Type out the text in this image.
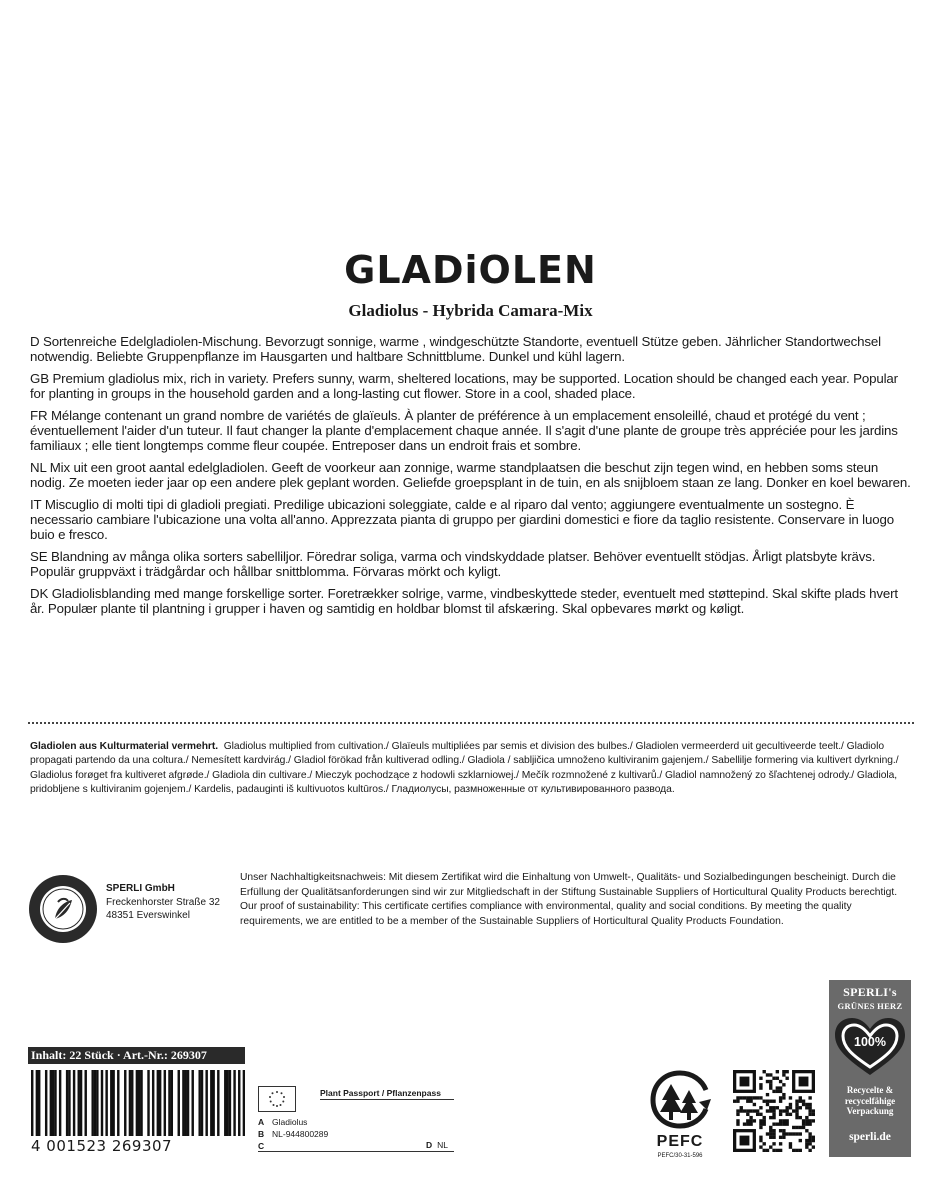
GLADiOLEN
Gladiolus - Hybrida Camara-Mix

D Sortenreiche Edelgladiolen-Mischung. Bevorzugt sonnige, warme , windgeschützte Standorte, eventuell Stütze geben. Jährlicher Standortwechsel notwendig. Beliebte Gruppenpflanze im Hausgarten und haltbare Schnittblume. Dunkel und kühl lagern.

GB Premium gladiolus mix, rich in variety. Prefers sunny, warm, sheltered locations, may be supported. Location should be changed each year. Popular for planting in groups in the household garden and a long-lasting cut flower. Store in a cool, shaded place.

FR Mélange contenant un grand nombre de variétés de glaïeuls. À planter de préférence à un emplacement ensoleillé, chaud et protégé du vent ; éventuellement l'aider d'un tuteur. Il faut changer la plante d'emplacement chaque année. Il s'agit d'une plante de groupe très appréciée pour les jardins familiaux ; elle tient longtemps comme fleur coupée. Entreposer dans un endroit frais et sombre.

NL Mix uit een groot aantal edelgladiolen. Geeft de voorkeur aan zonnige, warme standplaatsen die beschut zijn tegen wind, en hebben soms steun nodig. Ze moeten ieder jaar op een andere plek geplant worden. Geliefde groepsplant in de tuin, en als snijbloem staan ze lang. Donker en koel bewaren.

IT Miscuglio di molti tipi di gladioli pregiati. Predilige ubicazioni soleggiate, calde e al riparo dal vento; aggiungere eventualmente un sostegno. È necessario cambiare l'ubicazione una volta all'anno. Apprezzata pianta di gruppo per giardini domestici e fiore da taglio resistente. Conservare in luogo buio e fresco.

SE Blandning av många olika sorters sabelliljor. Föredrar soliga, varma och vindskyddade platser. Behöver eventuellt stödjas. Årligt platsbyte krävs. Populär gruppväxt i trädgårdar och hållbar snittblomma. Förvaras mörkt och kyligt.

DK Gladiolisblanding med mange forskellige sorter. Foretrækker solrige, varme, vindbeskyttede steder, eventuelt med støttepind. Skal skifte plads hvert år. Populær plante til plantning i grupper i haven og samtidig en holdbar blomst til afskæring. Skal opbevares mørkt og køligt.

Gladiolen aus Kulturmaterial vermehrt. Gladiolus multiplied from cultivation./ Glaïeuls multipliées par semis et division des bulbes./ Gladiolen vermeerderd uit gecultiveerde teelt./ Gladiolo propagati partendo da una coltura./ Nemesített kardvirág./ Gladiol förökad från kultiverad odling./ Gladiola / sabljičica umnoženo kultiviranim gajenjem./ Sabellilje formering via kultivert dyrkning./ Gladiolus forøget fra kultiveret afgrøde./ Gladiola din cultivare./ Mieczyk pochodzące z hodowli szklarniowej./ Mečík rozmnožené z kultivarů./ Gladiol namnožený zo šľachtenej odrody./ Gladiola, pridobljene s kultiviranim gojenjem./ Kardelis, padauginti iš kultivuotos kultūros./ Гладиолусы, размноженные от культивированного развода.
SPERLI GmbH
Freckenhorster Straße 32
48351 Everswinkel

Unser Nachhaltigkeitsnachweis: Mit diesem Zertifikat wird die Einhaltung von Umwelt-, Qualitäts- und Sozialbedingungen bescheinigt. Durch die Erfüllung der Qualitätsanforderungen sind wir zur Mitgliedschaft in der Stiftung Sustainable Suppliers of Horticultural Quality Products berechtigt.

Our proof of sustainability: This certificate certifies compliance with environmental, quality and social conditions. By meeting the quality requirements, we are entitled to be a member of the Sustainable Suppliers of Horticultural Quality Products Foundation.

SPERLI's
GRÜNES HERZ
100%
Recycelte &
recycelfähige
Verpackung
sperli.de
Inhalt: 22 Stück · Art.-Nr.: 269307
4 001523 269307
Plant Passport / Pflanzenpass
A Gladiolus
B NL-944800289
C	D NL	PEFC
PEFC/30-31-596
